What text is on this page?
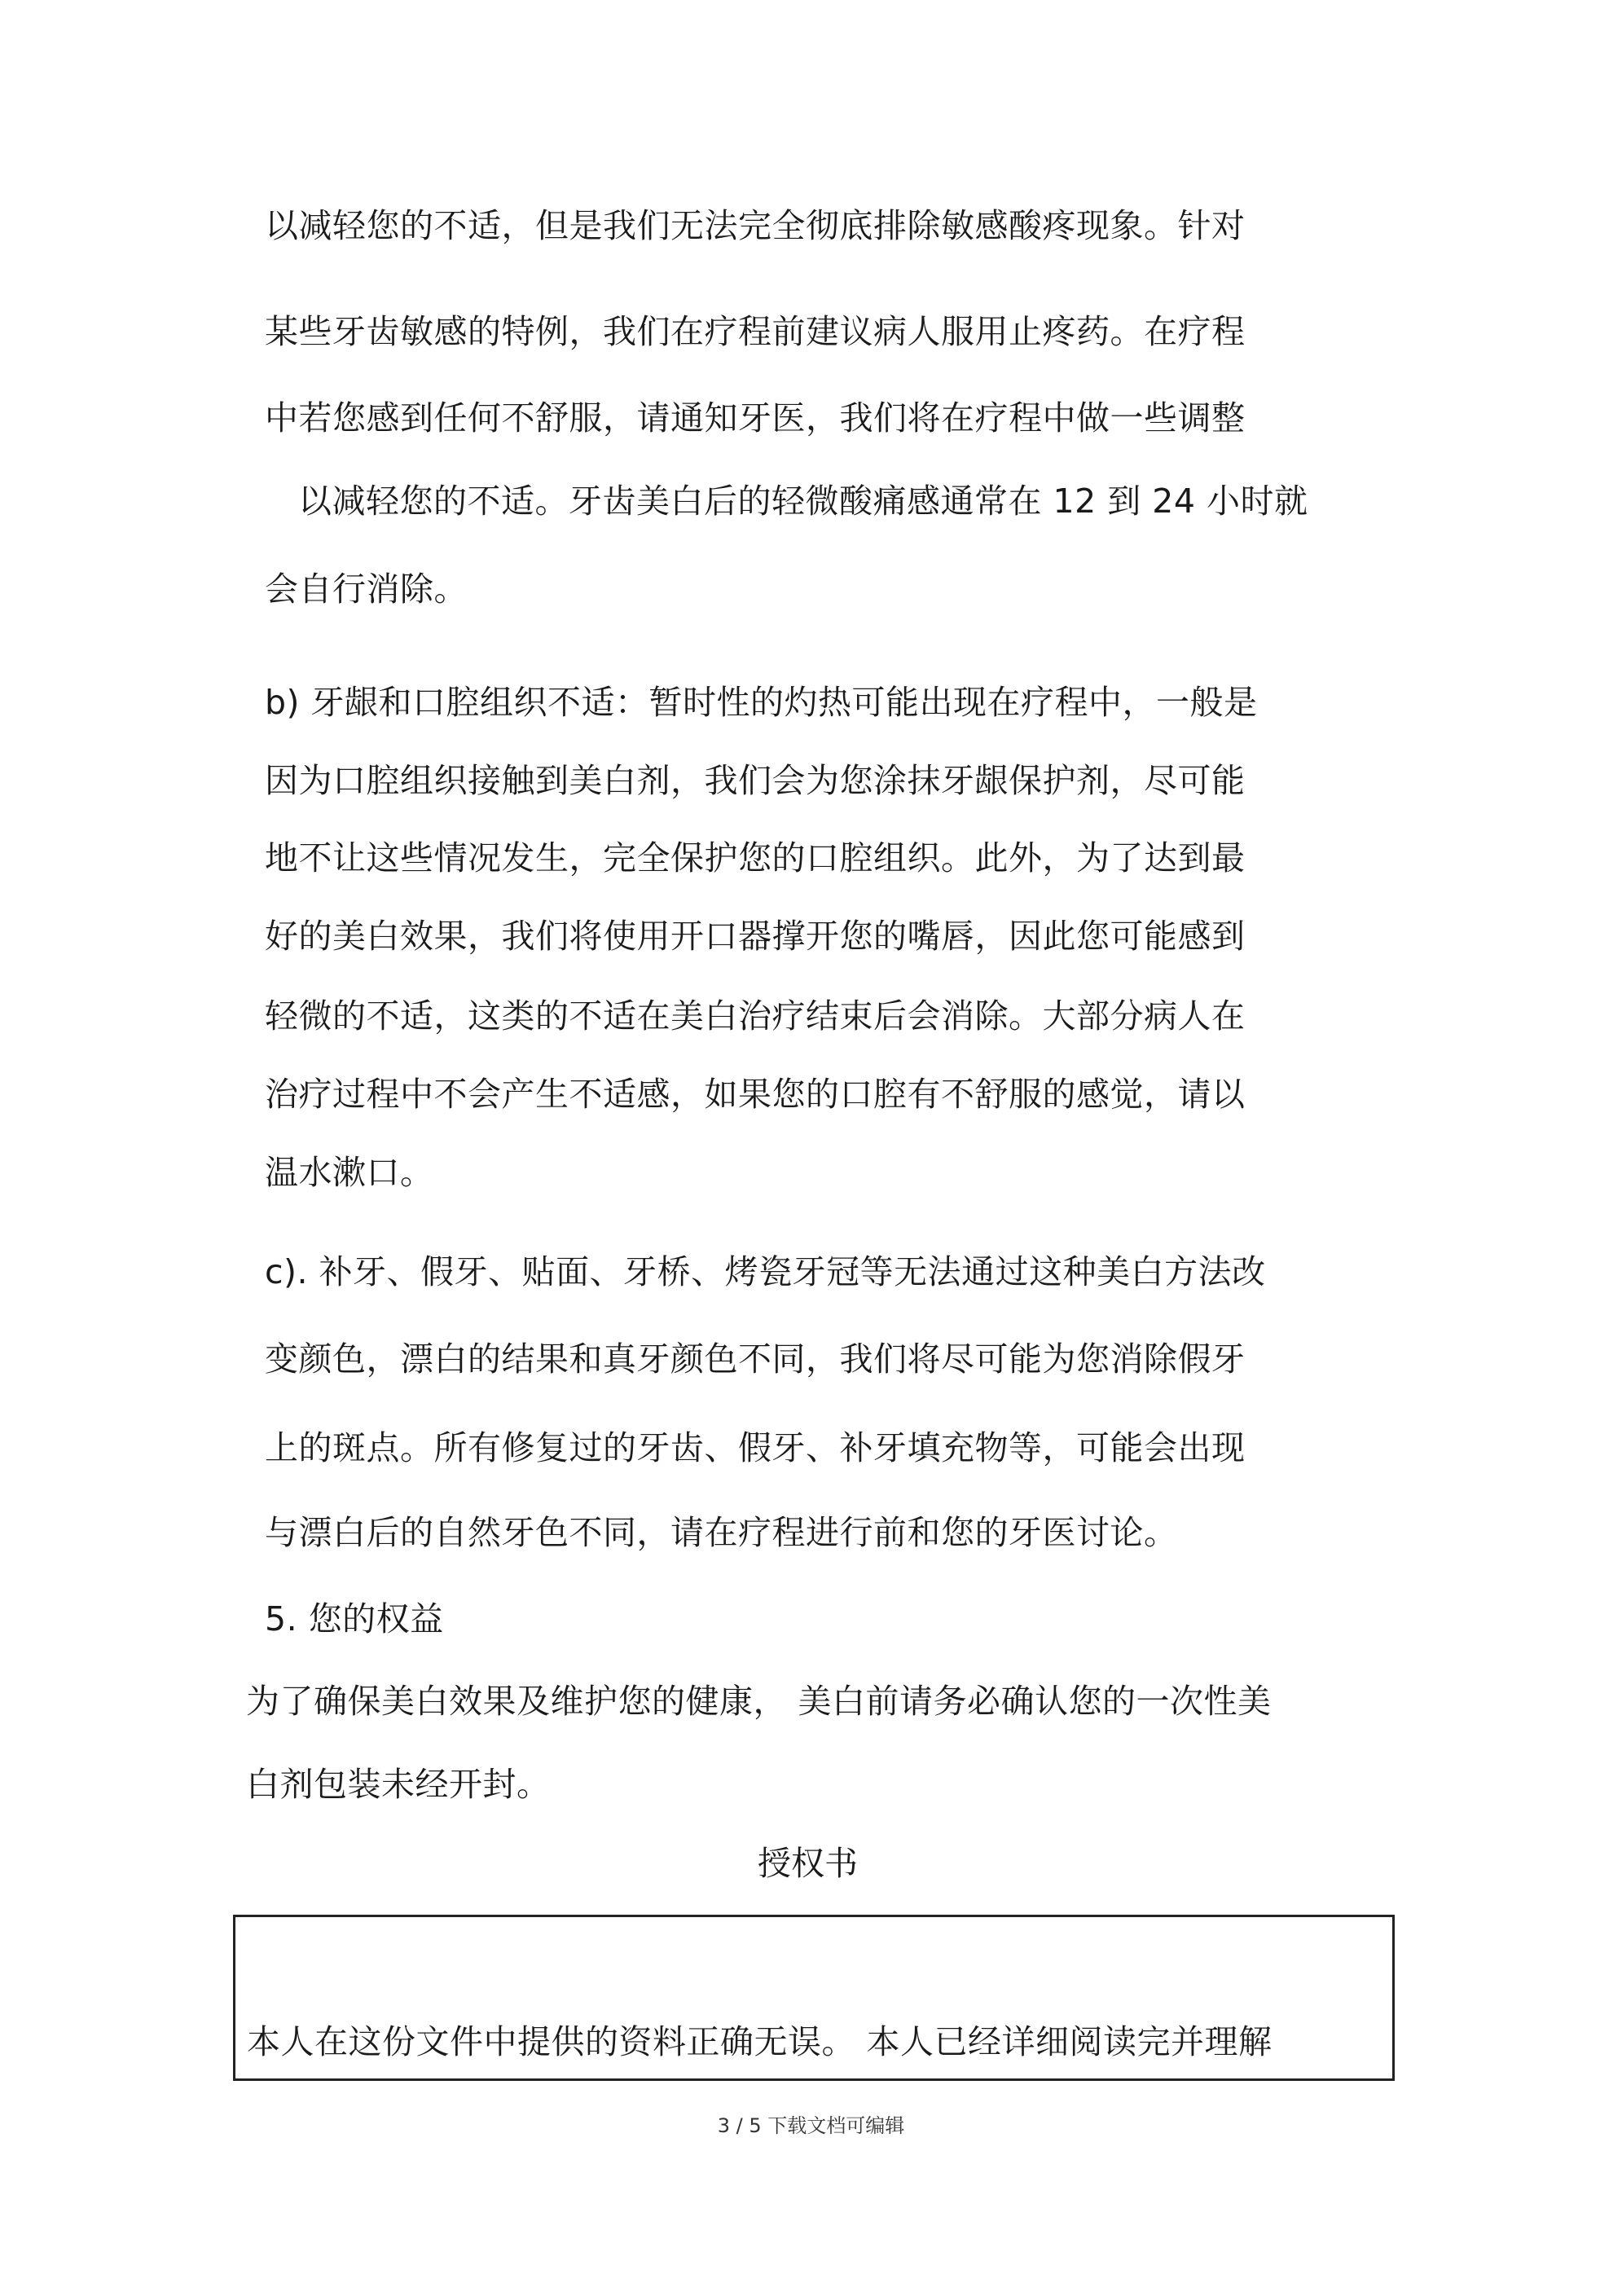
以减轻您的不适，但是我们无法完全彻底排除敏感酸疼现象。针对
某些牙齿敏感的特例，我们在疗程前建议病人服用止疼药。在疗程
中若您感到任何不舒服，请通知牙医，我们将在疗程中做一些调整
以减轻您的不适。牙齿美白后的轻微酸痛感通常在 12 到 24 小时就
会自行消除。
b) 牙龈和口腔组织不适：暂时性的灼热可能出现在疗程中，一般是
因为口腔组织接触到美白剂，我们会为您涂抹牙龈保护剂，尽可能
地不让这些情况发生，完全保护您的口腔组织。此外，为了达到最
好的美白效果，我们将使用开口器撑开您的嘴唇，因此您可能感到
轻微的不适，这类的不适在美白治疗结束后会消除。大部分病人在
治疗过程中不会产生不适感，如果您的口腔有不舒服的感觉，请以
温水漱口。
c). 补牙、假牙、贴面、牙桥、烤瓷牙冠等无法通过这种美白方法改
变颜色，漂白的结果和真牙颜色不同，我们将尽可能为您消除假牙
上的斑点。所有修复过的牙齿、假牙、补牙填充物等，可能会出现
与漂白后的自然牙色不同，请在疗程进行前和您的牙医讨论。
5. 您的权益
为了确保美白效果及维护您的健康， 美白前请务必确认您的一次性美
白剂包装未经开封。
授权书
本人在这份文件中提供的资料正确无误。 本人已经详细阅读完并理解
3 / 5 下载文档可编辑
